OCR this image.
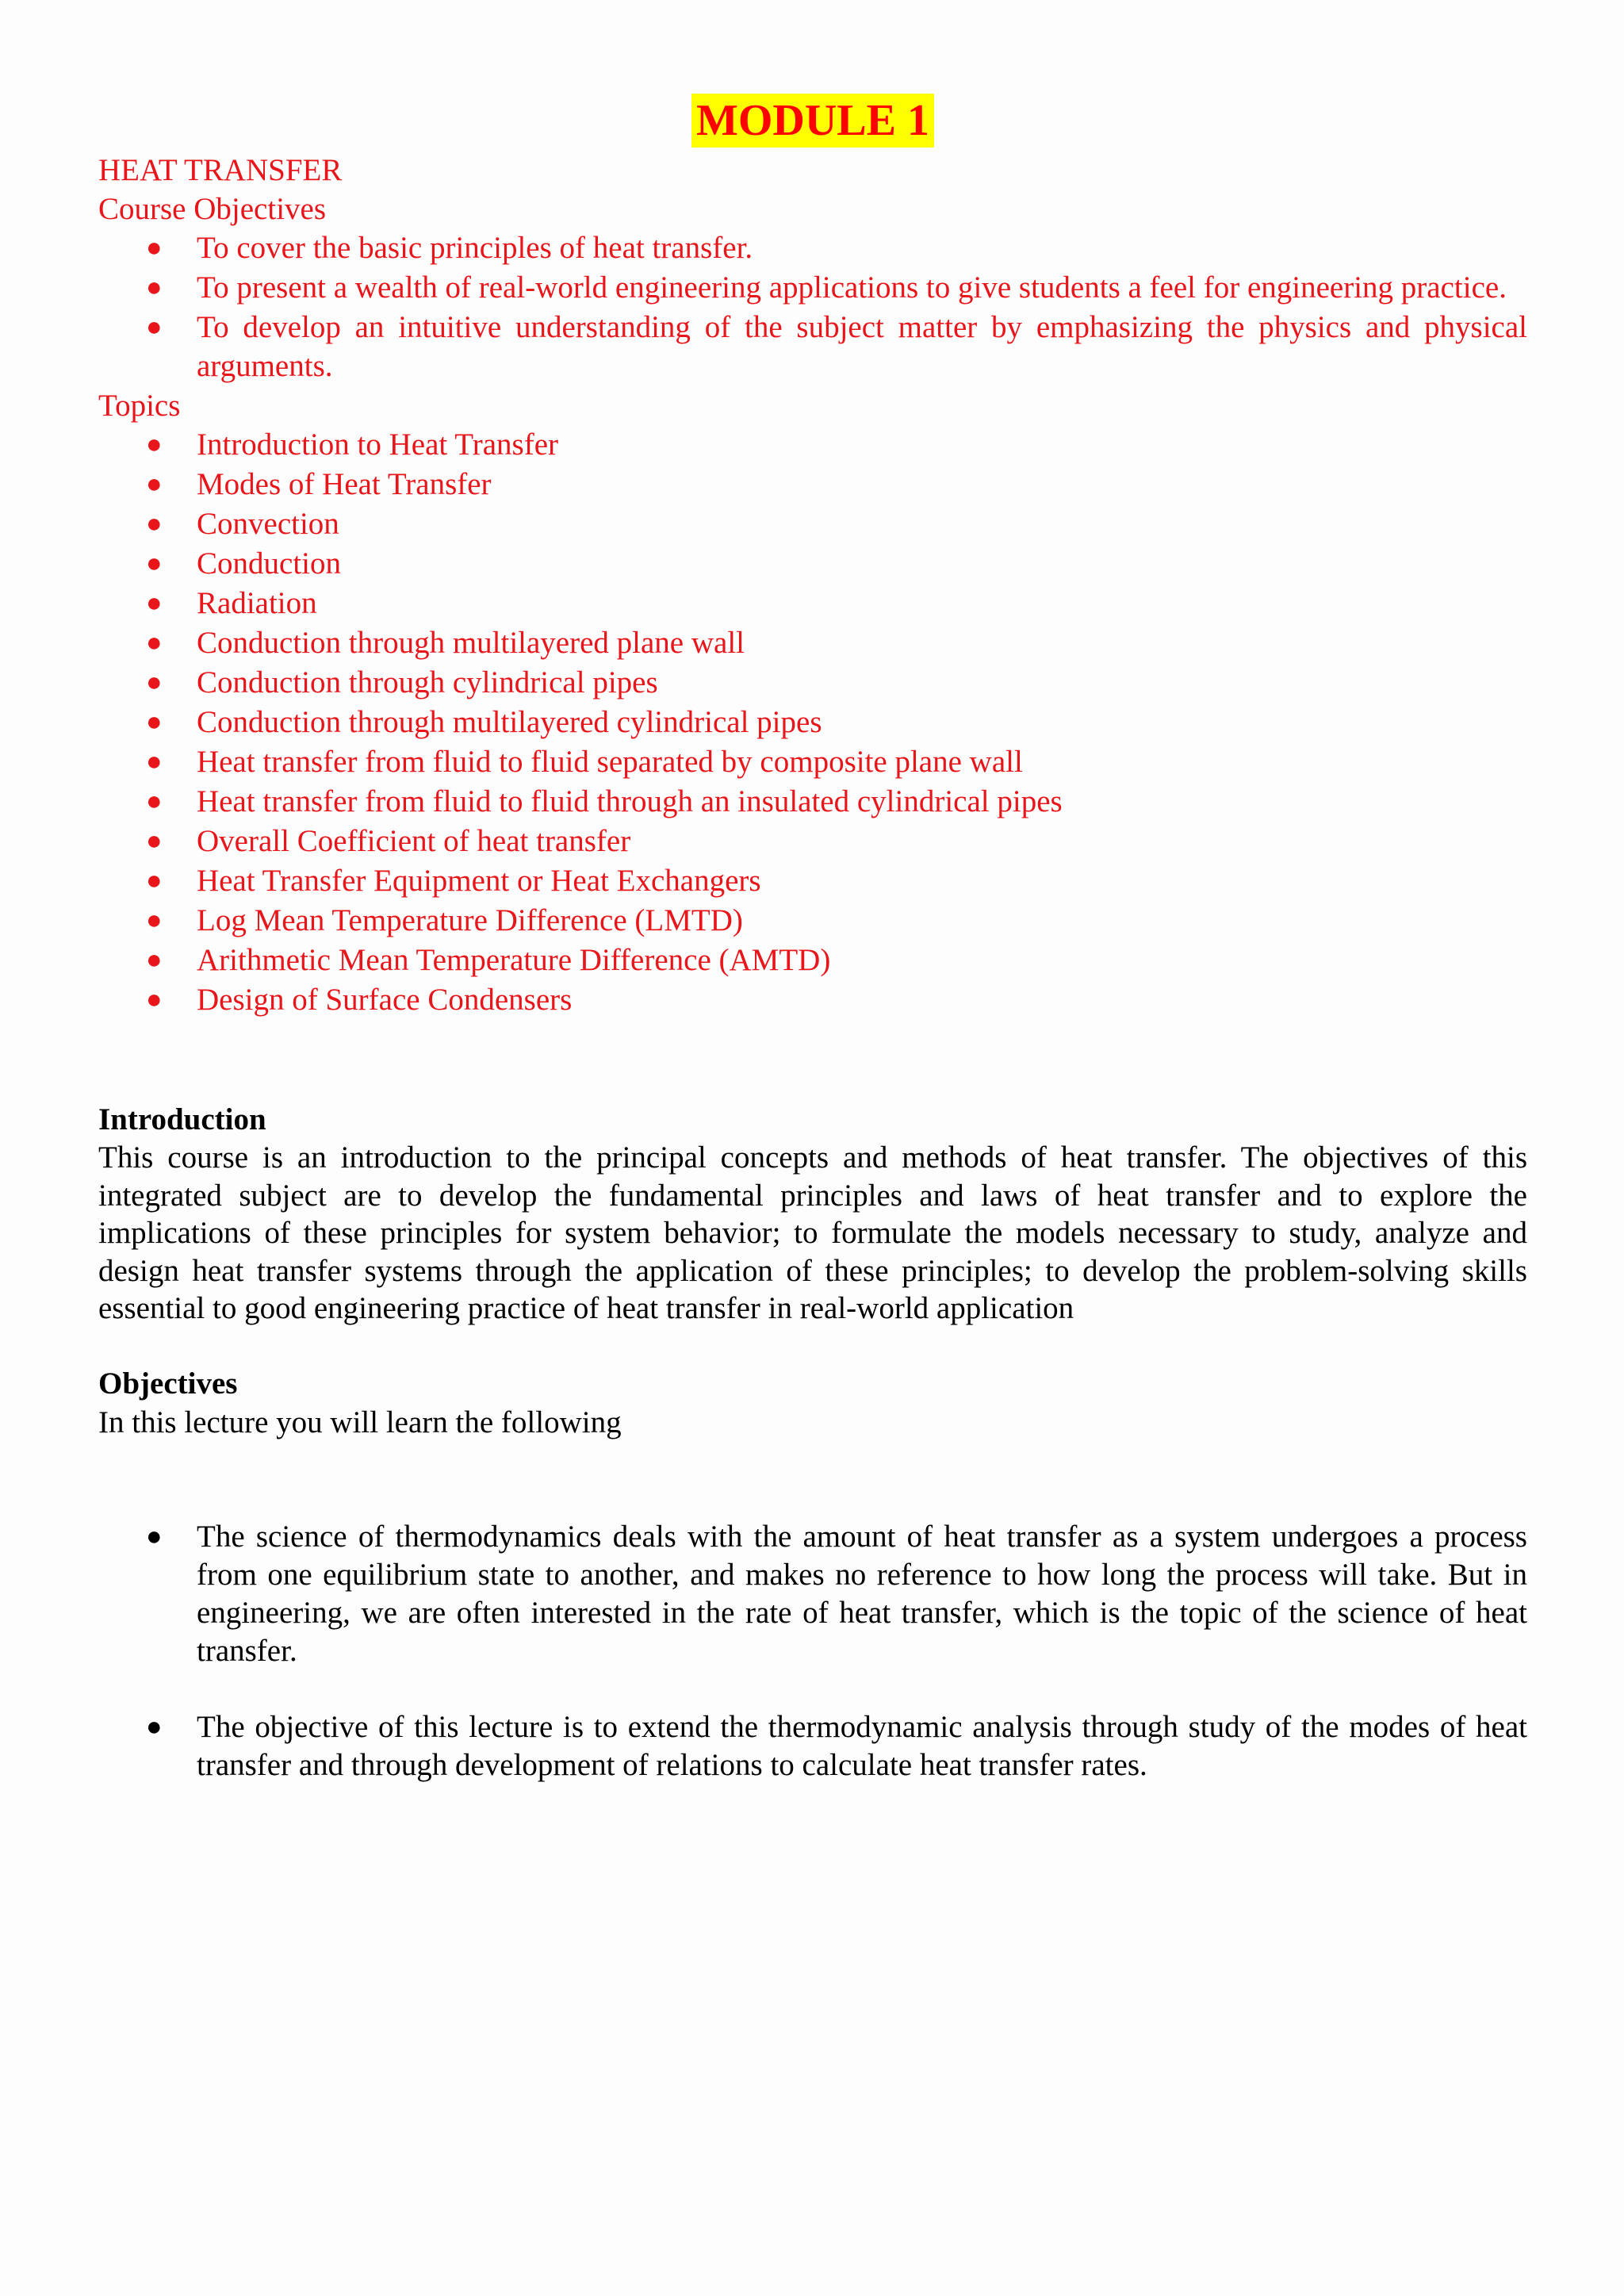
MODULE 1
HEAT TRANSFER
Course Objectives
● To cover the basic principles of heat transfer.
● To present a wealth of real-world engineering applications to give students a feel for engineering practice.
● To develop an intuitive understanding of the subject matter by emphasizing the physics and physical arguments.
Topics
● Introduction to Heat Transfer
● Modes of Heat Transfer
● Convection
● Conduction
● Radiation
● Conduction through multilayered plane wall
● Conduction through cylindrical pipes
● Conduction through multilayered cylindrical pipes
● Heat transfer from fluid to fluid separated by composite plane wall
● Heat transfer from fluid to fluid through an insulated cylindrical pipes
● Overall Coefficient of heat transfer
● Heat Transfer Equipment or Heat Exchangers
● Log Mean Temperature Difference (LMTD)
● Arithmetic Mean Temperature Difference (AMTD)
● Design of Surface Condensers
Introduction
This course is an introduction to the principal concepts and methods of heat transfer. The objectives of this integrated subject are to develop the fundamental principles and laws of heat transfer and to explore the implications of these principles for system behavior; to formulate the models necessary to study, analyze and design heat transfer systems through the application of these principles; to develop the problem-solving skills essential to good engineering practice of heat transfer in real-world application
Objectives
In this lecture you will learn the following
● The science of thermodynamics deals with the amount of heat transfer as a system undergoes a process from one equilibrium state to another, and makes no reference to how long the process will take. But in engineering, we are often interested in the rate of heat transfer, which is the topic of the science of heat transfer.
● The objective of this lecture is to extend the thermodynamic analysis through study of the modes of heat transfer and through development of relations to calculate heat transfer rates.
